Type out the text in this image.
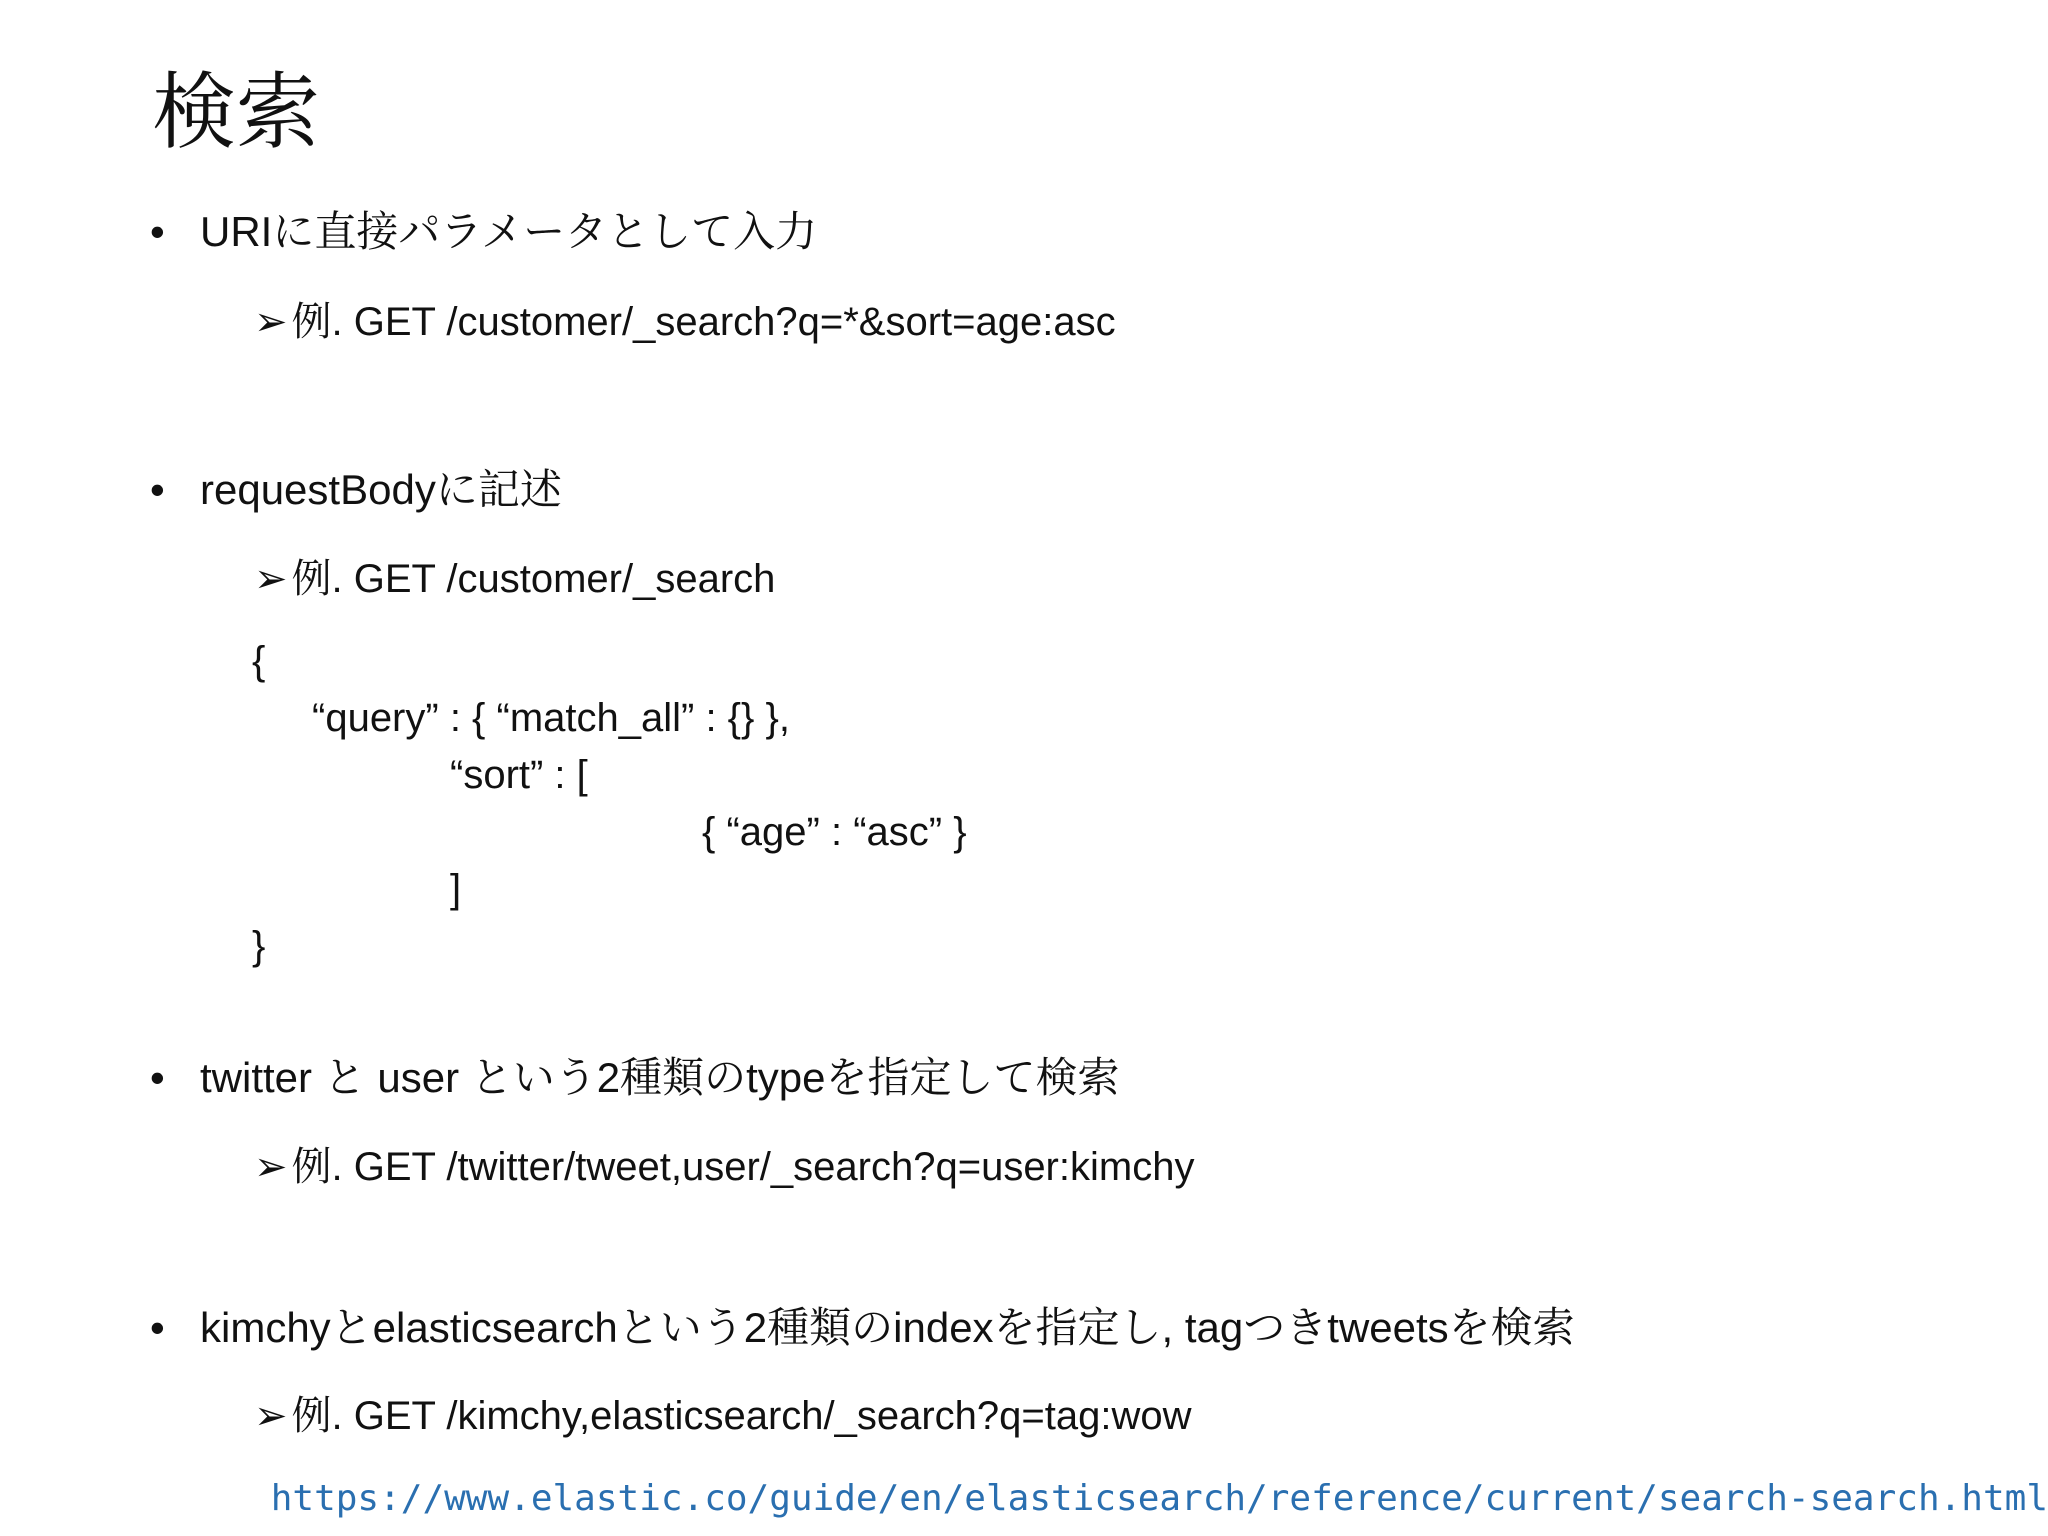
検索
• URIに直接パラメータとして入力
➢ 例. GET /customer/_search?q=*&sort=age:asc
• requestBodyに記述
➢ 例. GET /customer/_search
{
“query” : { “match_all” : {} },
“sort” : [
{ “age” : “asc” }
]
}
• twitter と user という2種類のtypeを指定して検索
➢ 例. GET /twitter/tweet,user/_search?q=user:kimchy
• kimchyとelasticsearchという2種類のindexを指定し, tagつきtweetsを検索
➢ 例. GET /kimchy,elasticsearch/_search?q=tag:wow
https://www.elastic.co/guide/en/elasticsearch/reference/current/search-search.html
